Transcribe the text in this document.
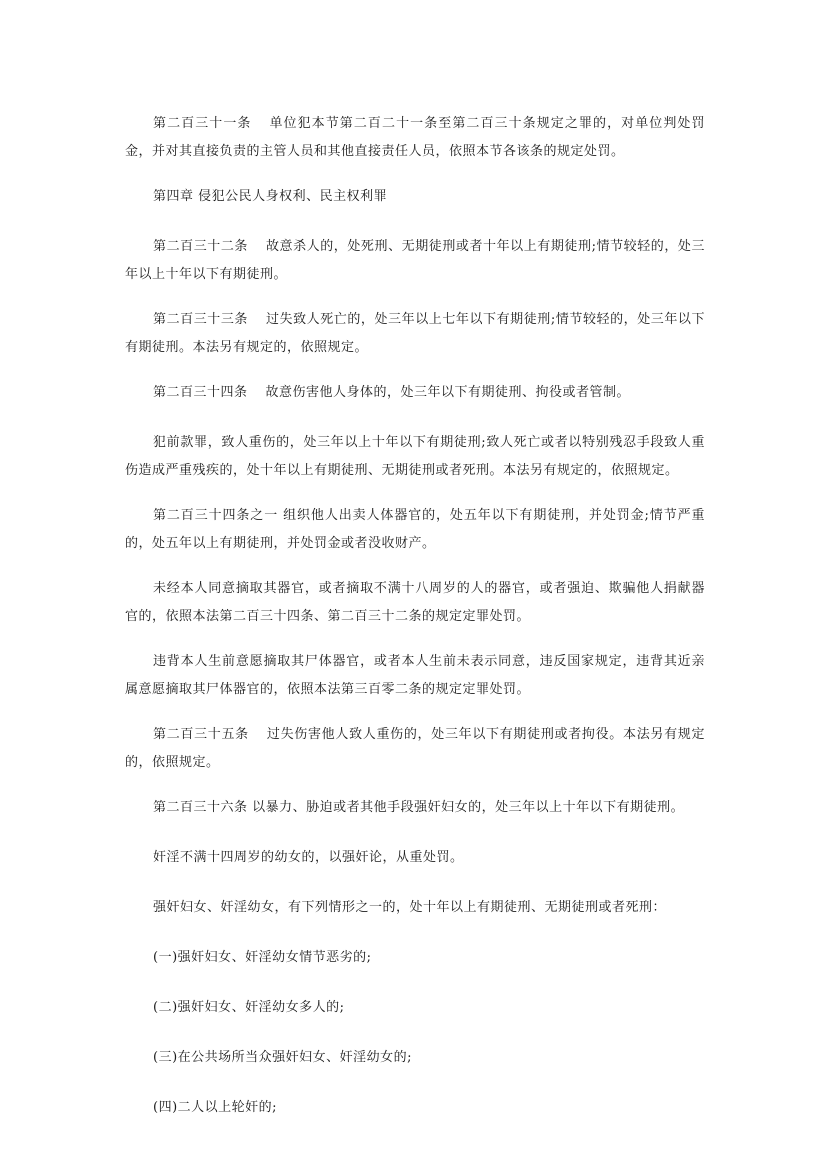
第二百三十一条 单位犯本节第二百二十一条至第二百三十条规定之罪的，对单位判处罚金，并对其直接负责的主管人员和其他直接责任人员，依照本节各该条的规定处罚。

第四章 侵犯公民人身权利、民主权利罪

第二百三十二条 故意杀人的，处死刑、无期徒刑或者十年以上有期徒刑;情节较轻的，处三年以上十年以下有期徒刑。

第二百三十三条 过失致人死亡的，处三年以上七年以下有期徒刑;情节较轻的，处三年以下有期徒刑。本法另有规定的，依照规定。

第二百三十四条 故意伤害他人身体的，处三年以下有期徒刑、拘役或者管制。

犯前款罪，致人重伤的，处三年以上十年以下有期徒刑;致人死亡或者以特别残忍手段致人重伤造成严重残疾的，处十年以上有期徒刑、无期徒刑或者死刑。本法另有规定的，依照规定。

第二百三十四条之一 组织他人出卖人体器官的，处五年以下有期徒刑，并处罚金;情节严重的，处五年以上有期徒刑，并处罚金或者没收财产。

未经本人同意摘取其器官，或者摘取不满十八周岁的人的器官，或者强迫、欺骗他人捐献器官的，依照本法第二百三十四条、第二百三十二条的规定定罪处罚。

违背本人生前意愿摘取其尸体器官，或者本人生前未表示同意，违反国家规定，违背其近亲属意愿摘取其尸体器官的，依照本法第三百零二条的规定定罪处罚。

第二百三十五条 过失伤害他人致人重伤的，处三年以下有期徒刑或者拘役。本法另有规定的，依照规定。

第二百三十六条 以暴力、胁迫或者其他手段强奸妇女的，处三年以上十年以下有期徒刑。

奸淫不满十四周岁的幼女的，以强奸论，从重处罚。

强奸妇女、奸淫幼女，有下列情形之一的，处十年以上有期徒刑、无期徒刑或者死刑：

(一)强奸妇女、奸淫幼女情节恶劣的;

(二)强奸妇女、奸淫幼女多人的;

(三)在公共场所当众强奸妇女、奸淫幼女的;

(四)二人以上轮奸的;
